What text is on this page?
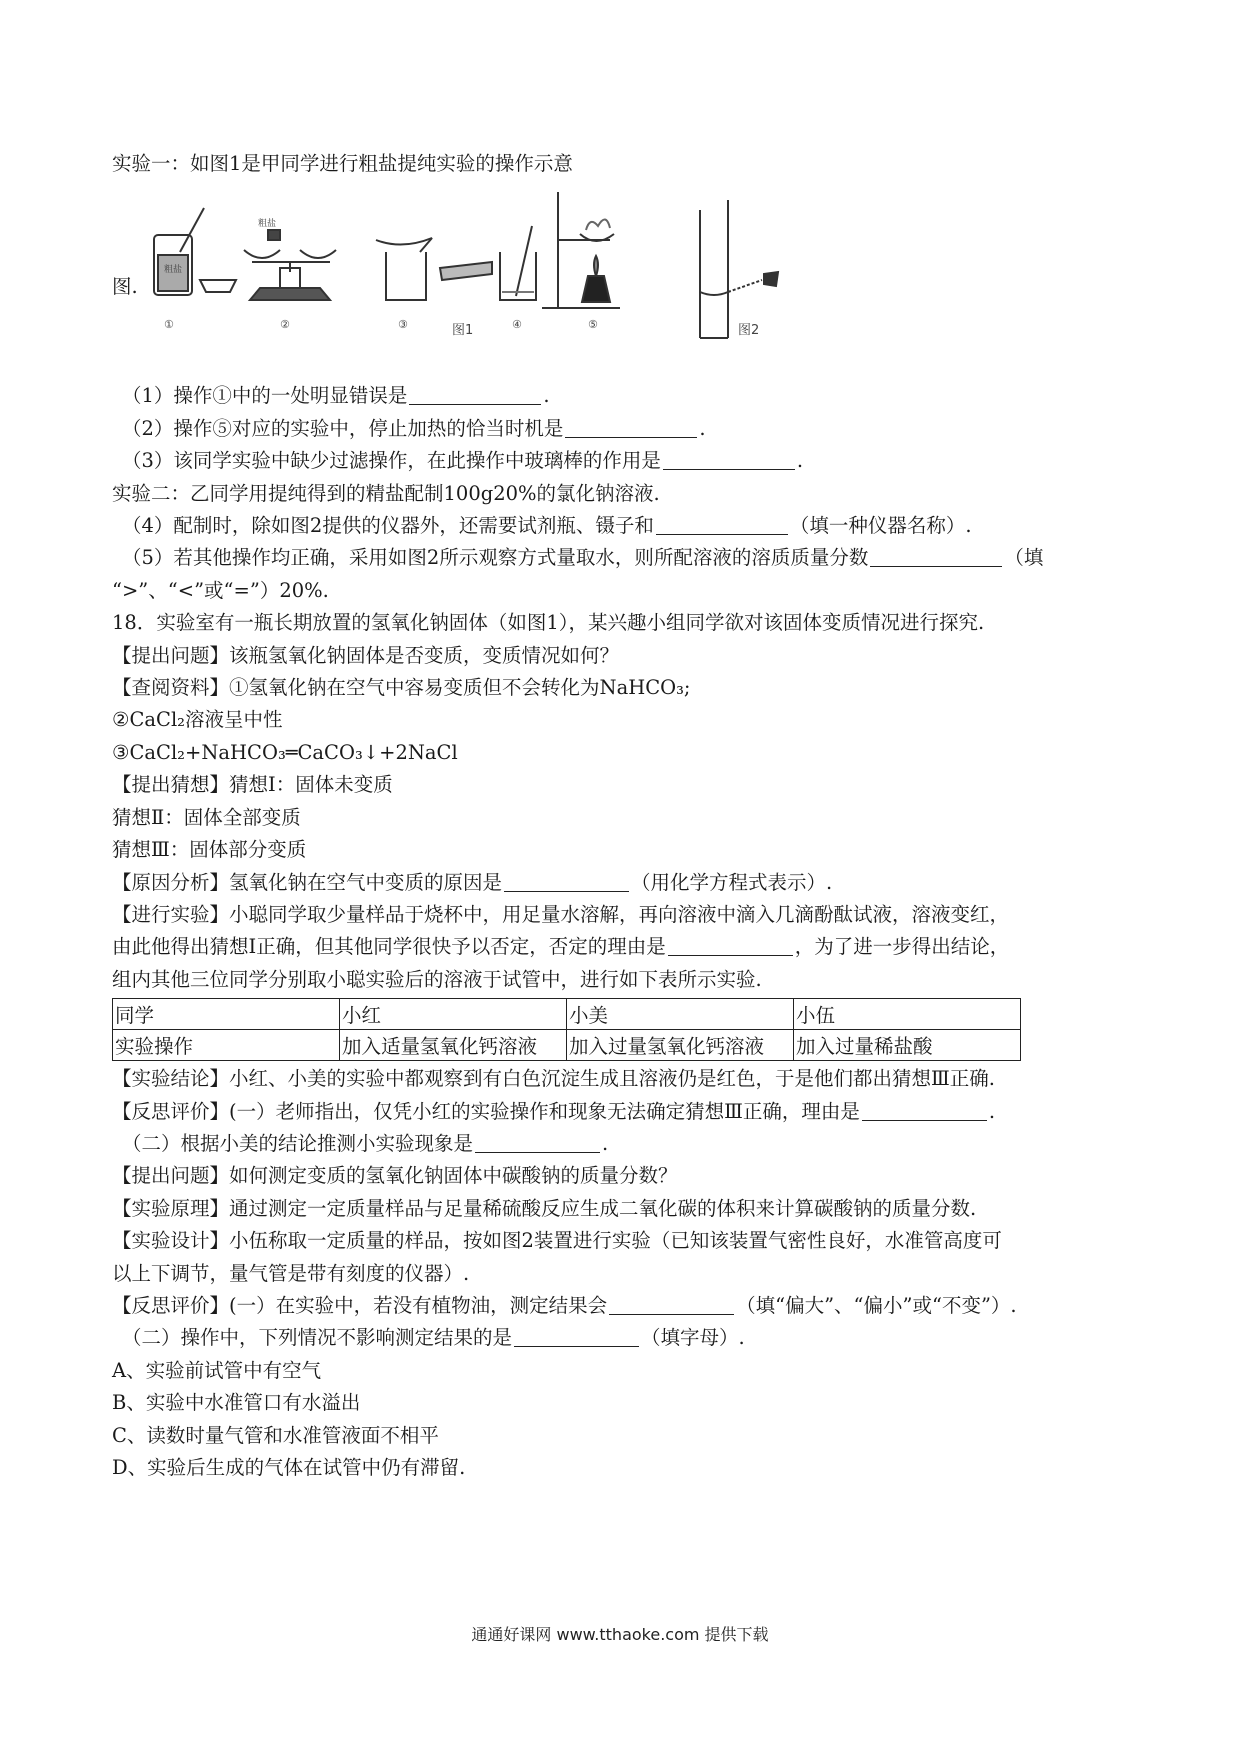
实验一：如图1是甲同学进行粗盐提纯实验的操作示意
图.
①	②	③	④	⑤
粗盐
粗盐
图1	图2
（1）操作①中的一处明显错误是	.
（2）操作⑤对应的实验中，停止加热的恰当时机是	.
（3）该同学实验中缺少过滤操作，在此操作中玻璃棒的作用是	.
实验二：乙同学用提纯得到的精盐配制100g20%的氯化钠溶液.
（4）配制时，除如图2提供的仪器外，还需要试剂瓶、镊子和	（填一种仪器名称）.
（5）若其他操作均正确，采用如图2所示观察方式量取水，则所配溶液的溶质质量分数	（填
“>”、“<”或“=”）20%.
18．实验室有一瓶长期放置的氢氧化钠固体（如图1），某兴趣小组同学欲对该固体变质情况进行探究.
【提出问题】该瓶氢氧化钠固体是否变质，变质情况如何？
【查阅资料】①氢氧化钠在空气中容易变质但不会转化为NaHCO₃;
②CaCl₂溶液呈中性
③CaCl₂+NaHCO₃═CaCO₃↓+2NaCl
【提出猜想】猜想Ⅰ：固体未变质
猜想Ⅱ：固体全部变质
猜想Ⅲ：固体部分变质
【原因分析】氢氧化钠在空气中变质的原因是	（用化学方程式表示）.
【进行实验】小聪同学取少量样品于烧杯中，用足量水溶解，再向溶液中滴入几滴酚酞试液，溶液变红，
由此他得出猜想Ⅰ正确，但其他同学很快予以否定，否定的理由是	，为了进一步得出结论，
组内其他三位同学分别取小聪实验后的溶液于试管中，进行如下表所示实验.
同学	小红	小美	小伍
实验操作	加入适量氢氧化钙溶液	加入过量氢氧化钙溶液	加入过量稀盐酸
【实验结论】小红、小美的实验中都观察到有白色沉淀生成且溶液仍是红色，于是他们都出猜想Ⅲ正确.
【反思评价】(一）老师指出，仅凭小红的实验操作和现象无法确定猜想Ⅲ正确，理由是	.
（二）根据小美的结论推测小实验现象是	.
【提出问题】如何测定变质的氢氧化钠固体中碳酸钠的质量分数？
【实验原理】通过测定一定质量样品与足量稀硫酸反应生成二氧化碳的体积来计算碳酸钠的质量分数.
【实验设计】小伍称取一定质量的样品，按如图2装置进行实验（已知该装置气密性良好，水准管高度可
以上下调节，量气管是带有刻度的仪器）.
【反思评价】(一）在实验中，若没有植物油，测定结果会	（填“偏大”、“偏小”或“不变”）.
（二）操作中，下列情况不影响测定结果的是	（填字母）.
A、实验前试管中有空气
B、实验中水准管口有水溢出
C、读数时量气管和水准管液面不相平
D、实验后生成的气体在试管中仍有滞留.
通通好课网 www.tthaoke.com 提供下载
